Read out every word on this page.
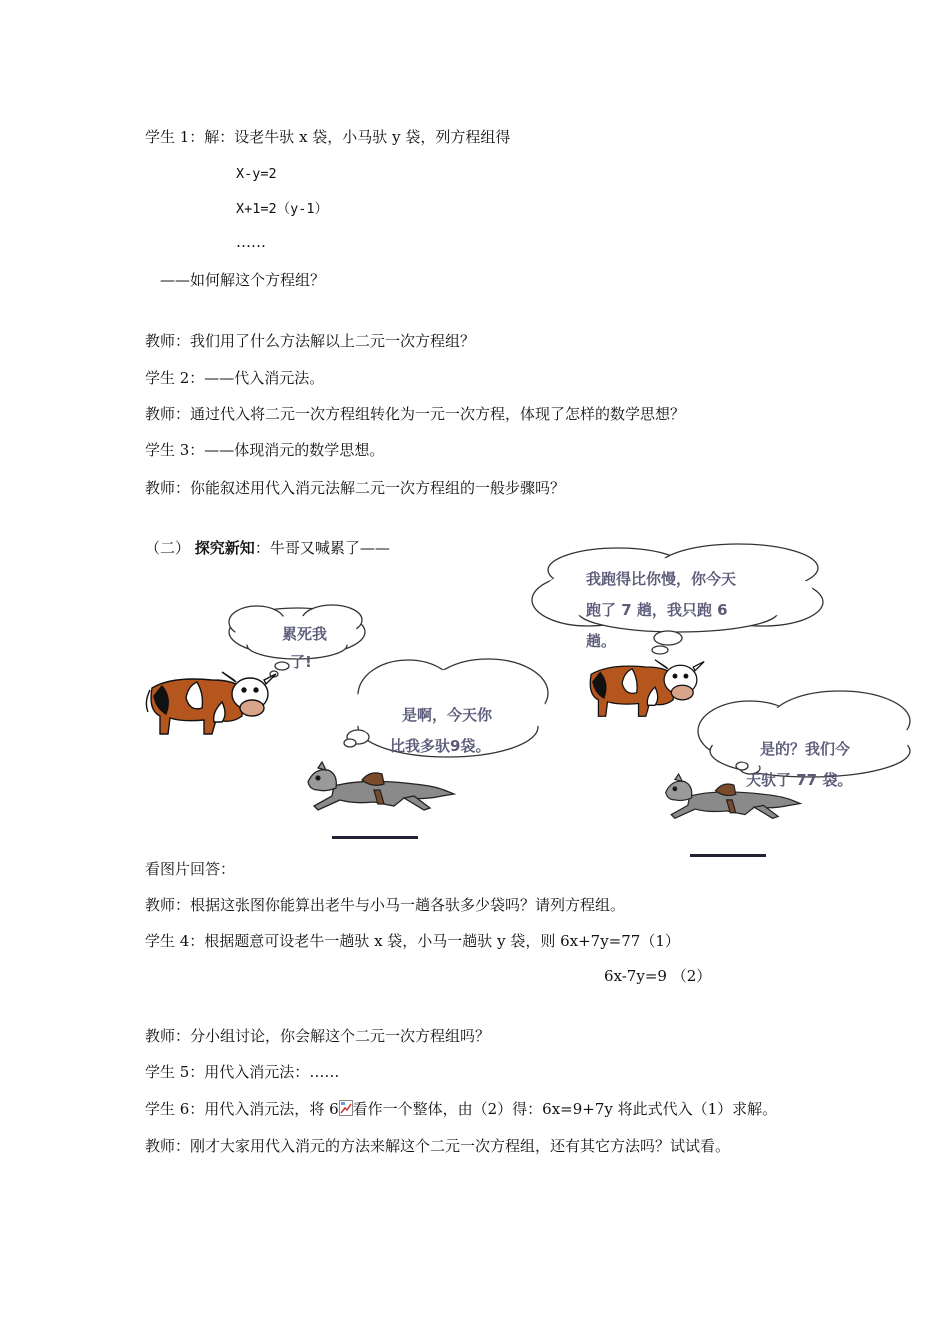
学生 1：解：设老牛驮 x 袋，小马驮 y 袋，列方程组得
X-y=2
X+1=2（y-1）
……
——如何解这个方程组？
教师：我们用了什么方法解以上二元一次方程组？
学生 2：——代入消元法。
教师：通过代入将二元一次方程组转化为一元一次方程，体现了怎样的数学思想？
学生 3：——体现消元的数学思想。
教师：你能叙述用代入消元法解二元一次方程组的一般步骤吗？
（二） 探究新知：牛哥又喊累了——
累死我
了!
是啊，今天你
比我多驮9袋。
我跑得比你慢，你今天
跑了 7 趟，我只跑 6
趟。
是的？我们今
天驮了 77 袋。
看图片回答：
教师：根据这张图你能算出老牛与小马一趟各驮多少袋吗？请列方程组。
学生 4：根据题意可设老牛一趟驮 x 袋，小马一趟驮 y 袋，则 6x+7y=77（1）
6x-7y=9 （2）
教师：分小组讨论，你会解这个二元一次方程组吗？
学生 5：用代入消元法：……
学生 6：用代入消元法，将 6 看作一个整体，由（2）得：6x=9+7y 将此式代入（1）求解。
教师：刚才大家用代入消元的方法来解这个二元一次方程组，还有其它方法吗？试试看。
